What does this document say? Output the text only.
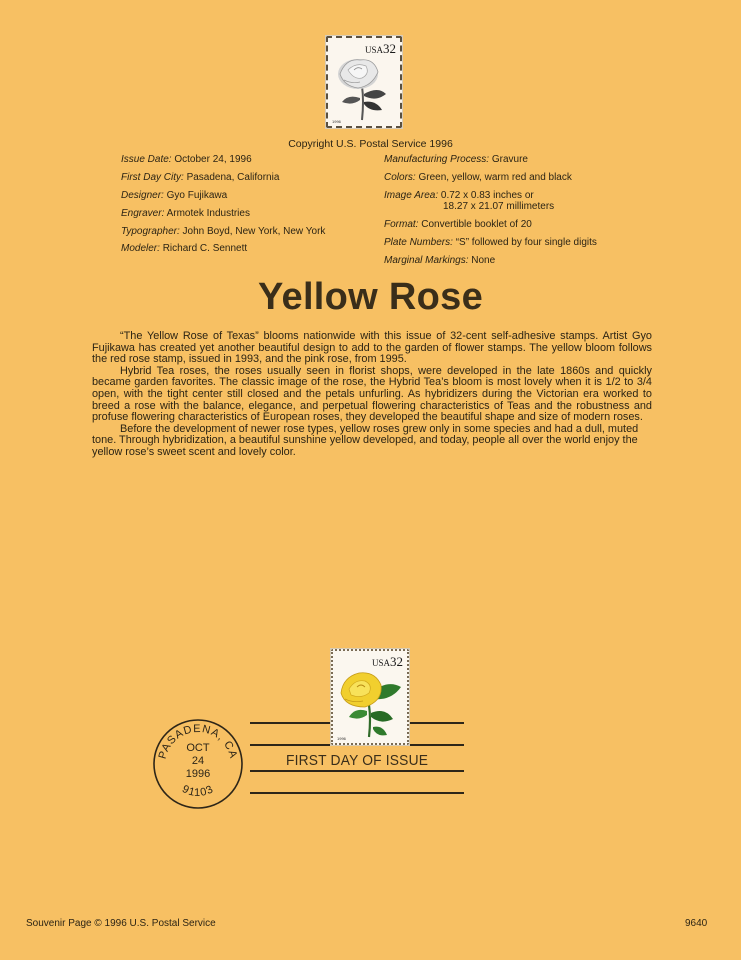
USA32
1996
Copyright U.S. Postal Service 1996
Issue Date: October 24, 1996
First Day City: Pasadena, California
Designer: Gyo Fujikawa
Engraver: Armotek Industries
Typographer: John Boyd, New York, New York
Modeler: Richard C. Sennett
Manufacturing Process: Gravure
Colors: Green, yellow, warm red and black
Image Area: 0.72 x 0.83 inches or
18.27 x 21.07 millimeters
Format: Convertible booklet of 20
Plate Numbers: “S” followed by four single digits
Marginal Markings: None
Yellow Rose

“The Yellow Rose of Texas” blooms nationwide with this issue of 32-cent self-adhesive stamps. Artist Gyo Fujikawa has created yet another beautiful design to add to the garden of flower stamps. The yellow bloom follows the red rose stamp, issued in 1993, and the pink rose, from 1995.

Hybrid Tea roses, the roses usually seen in florist shops, were developed in the late 1860s and quickly became garden favorites. The classic image of the rose, the Hybrid Tea’s bloom is most lovely when it is 1/2 to 3/4 open, with the tight center still closed and the petals unfurling. As hybridizers during the Victorian era worked to breed a rose with the balance, elegance, and perpetual flowering characteristics of Teas and the robustness and profuse flowering characteristics of European roses, they developed the beautiful shape and size of modern roses.

Before the development of newer rose types, yellow roses grew only in some species and had a dull, muted tone. Through hybridization, a beautiful sunshine yellow developed, and today, people all over the world enjoy the yellow rose’s sweet scent and lovely color.

USA32
1996
PASADENA, CA
91103
OCT
24
1996
FIRST DAY OF ISSUE
Souvenir Page © 1996 U.S. Postal Service	9640
